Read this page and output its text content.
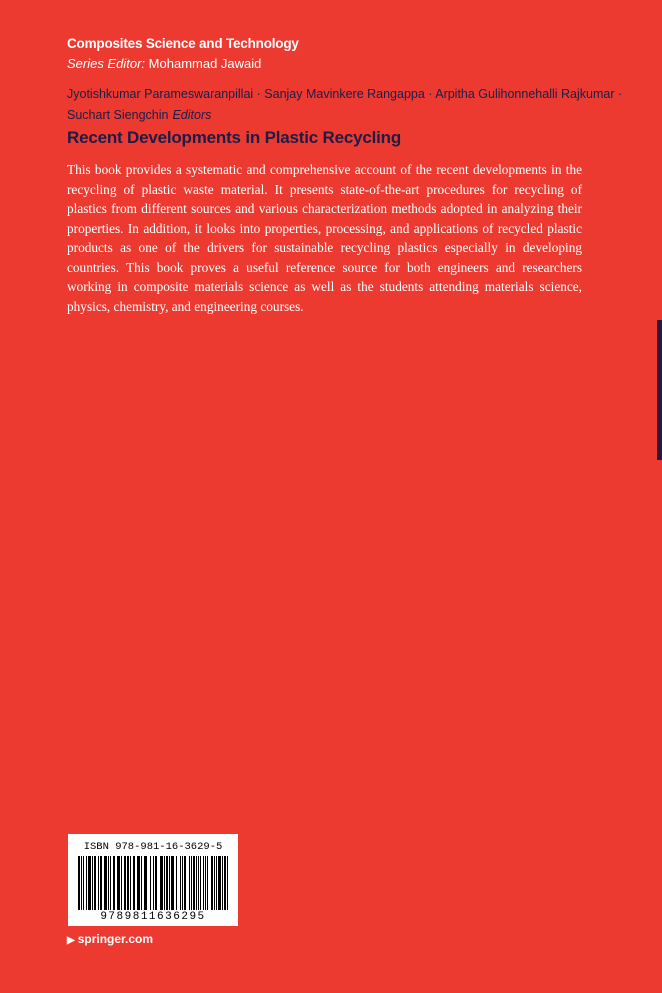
Composites Science and Technology
Series Editor: Mohammad Jawaid
Jyotishkumar Parameswaranpillai · Sanjay Mavinkere Rangappa · Arpitha Gulihonnehalli Rajkumar · Suchart Siengchin Editors
Recent Developments in Plastic Recycling

This book provides a systematic and comprehensive account of the recent developments in the recycling of plastic waste material. It presents state-of-the-art procedures for recycling of plastics from different sources and various characterization methods adopted in analyzing their properties. In addition, it looks into properties, processing, and applications of recycled plastic products as one of the drivers for sustainable recycling plastics especially in developing countries. This book proves a useful reference source for both engineers and researchers working in composite materials science as well as the students attending materials science, physics, chemistry, and engineering courses.

ISBN 978-981-16-3629-5
9789811636295
▶ springer.com
